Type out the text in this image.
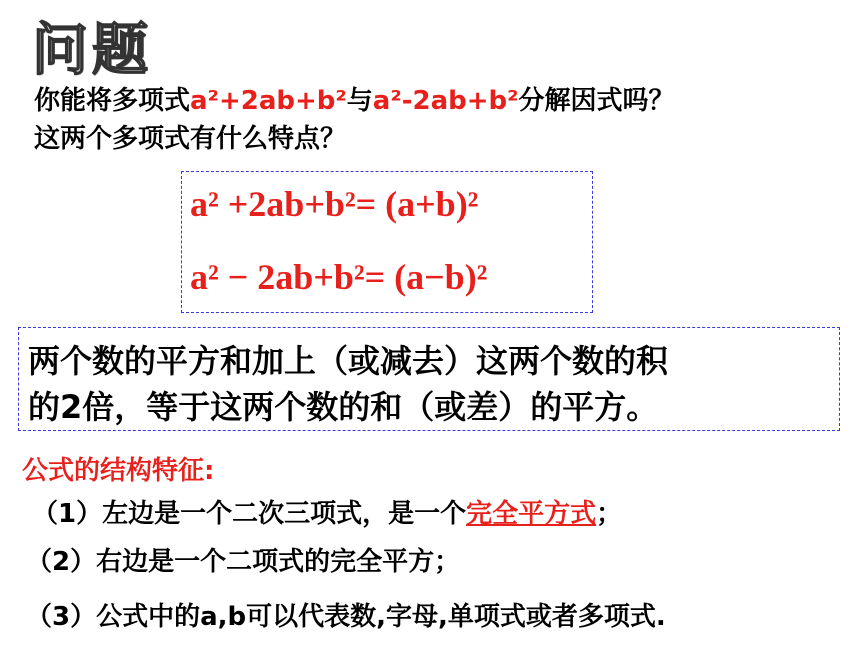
问题
你能将多项式a²+2ab+b²与a²-2ab+b²分解因式吗？
这两个多项式有什么特点？
a² +2ab+b²= (a+b)²
a² − 2ab+b²= (a−b)²
两个数的平方和加上（或减去）这两个数的积
的2倍，等于这两个数的和（或差）的平方。
公式的结构特征:
（1）左边是一个二次三项式，是一个完全平方式；
（2）右边是一个二项式的完全平方；
（3）公式中的a,b可以代表数,字母,单项式或者多项式.
